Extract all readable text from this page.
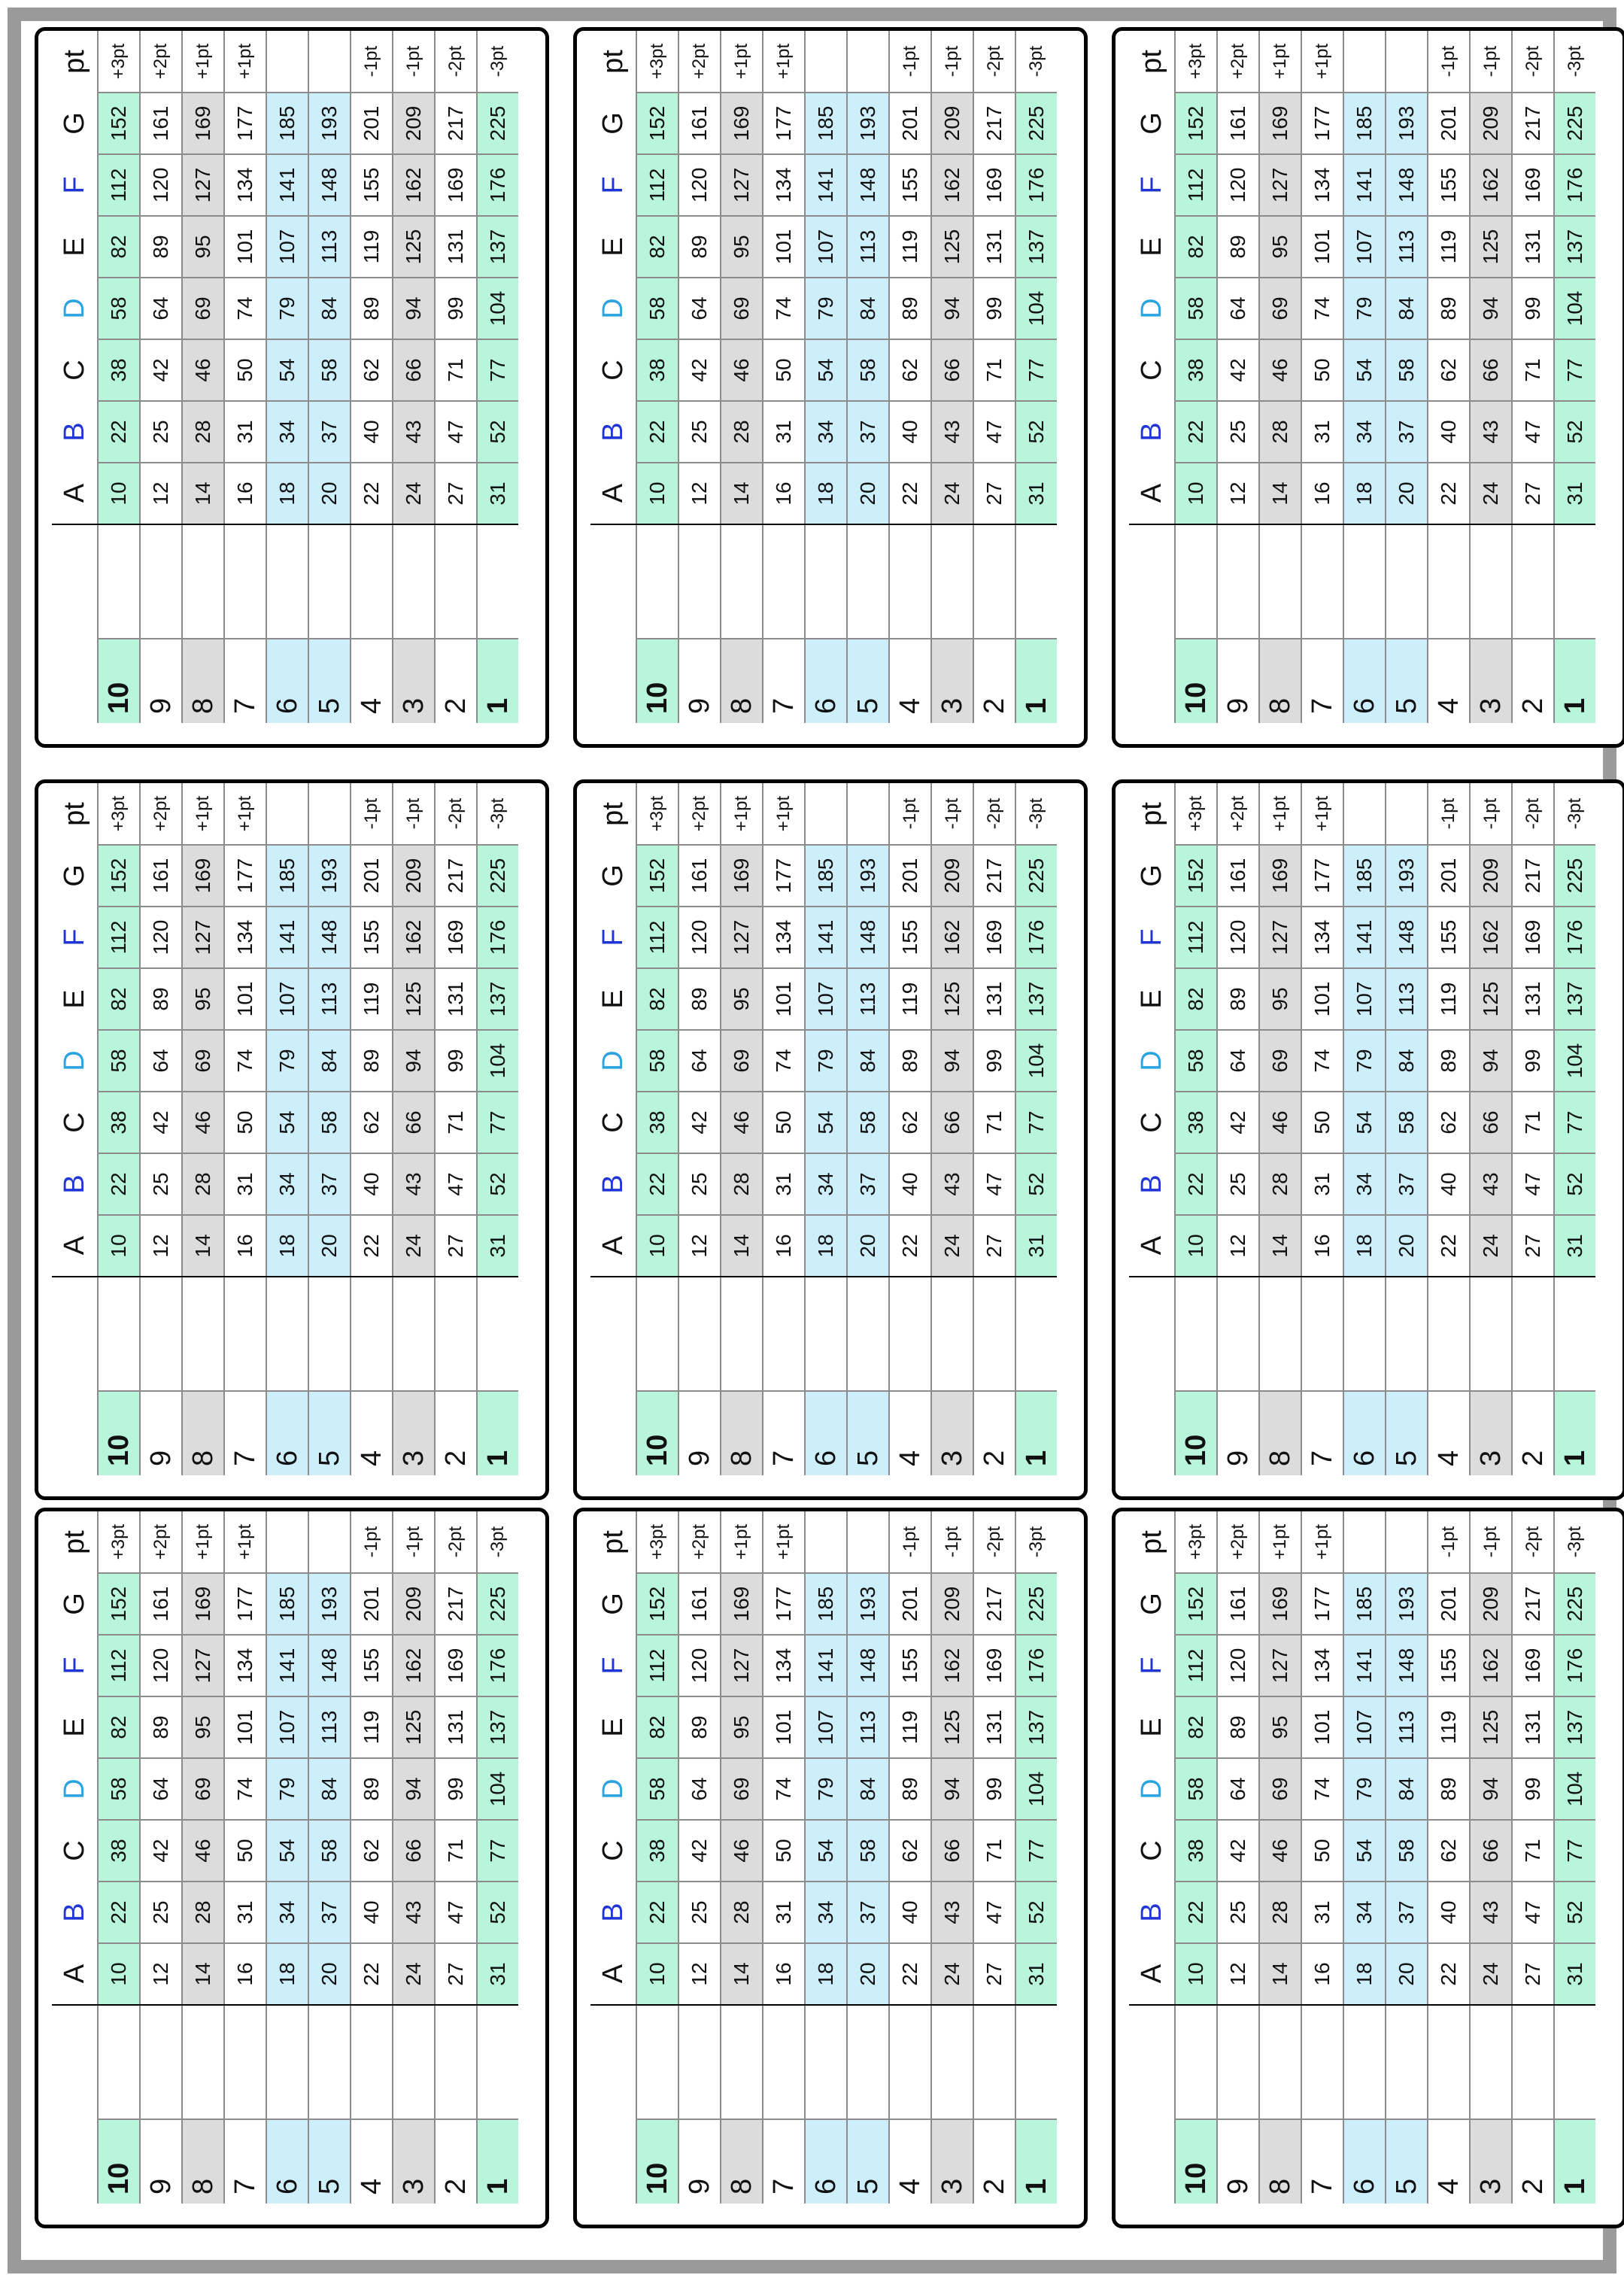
		A	B	C	D	E	F	G	pt
10		10	22	38	58	82	112	152	+3pt
9		12	25	42	64	89	120	161	+2pt
8		14	28	46	69	95	127	169	+1pt
7		16	31	50	74	101	134	177	+1pt
6		18	34	54	79	107	141	185	
5		20	37	58	84	113	148	193	
4		22	40	62	89	119	155	201	-1pt
3		24	43	66	94	125	162	209	-1pt
2		27	47	71	99	131	169	217	-2pt
1		31	52	77	104	137	176	225	-3pt
		A	B	C	D	E	F	G	pt
10		10	22	38	58	82	112	152	+3pt
9		12	25	42	64	89	120	161	+2pt
8		14	28	46	69	95	127	169	+1pt
7		16	31	50	74	101	134	177	+1pt
6		18	34	54	79	107	141	185	
5		20	37	58	84	113	148	193	
4		22	40	62	89	119	155	201	-1pt
3		24	43	66	94	125	162	209	-1pt
2		27	47	71	99	131	169	217	-2pt
1		31	52	77	104	137	176	225	-3pt
		A	B	C	D	E	F	G	pt
10		10	22	38	58	82	112	152	+3pt
9		12	25	42	64	89	120	161	+2pt
8		14	28	46	69	95	127	169	+1pt
7		16	31	50	74	101	134	177	+1pt
6		18	34	54	79	107	141	185	
5		20	37	58	84	113	148	193	
4		22	40	62	89	119	155	201	-1pt
3		24	43	66	94	125	162	209	-1pt
2		27	47	71	99	131	169	217	-2pt
1		31	52	77	104	137	176	225	-3pt
		A	B	C	D	E	F	G	pt
10		10	22	38	58	82	112	152	+3pt
9		12	25	42	64	89	120	161	+2pt
8		14	28	46	69	95	127	169	+1pt
7		16	31	50	74	101	134	177	+1pt
6		18	34	54	79	107	141	185	
5		20	37	58	84	113	148	193	
4		22	40	62	89	119	155	201	-1pt
3		24	43	66	94	125	162	209	-1pt
2		27	47	71	99	131	169	217	-2pt
1		31	52	77	104	137	176	225	-3pt
		A	B	C	D	E	F	G	pt
10		10	22	38	58	82	112	152	+3pt
9		12	25	42	64	89	120	161	+2pt
8		14	28	46	69	95	127	169	+1pt
7		16	31	50	74	101	134	177	+1pt
6		18	34	54	79	107	141	185	
5		20	37	58	84	113	148	193	
4		22	40	62	89	119	155	201	-1pt
3		24	43	66	94	125	162	209	-1pt
2		27	47	71	99	131	169	217	-2pt
1		31	52	77	104	137	176	225	-3pt
		A	B	C	D	E	F	G	pt
10		10	22	38	58	82	112	152	+3pt
9		12	25	42	64	89	120	161	+2pt
8		14	28	46	69	95	127	169	+1pt
7		16	31	50	74	101	134	177	+1pt
6		18	34	54	79	107	141	185	
5		20	37	58	84	113	148	193	
4		22	40	62	89	119	155	201	-1pt
3		24	43	66	94	125	162	209	-1pt
2		27	47	71	99	131	169	217	-2pt
1		31	52	77	104	137	176	225	-3pt
		A	B	C	D	E	F	G	pt
10		10	22	38	58	82	112	152	+3pt
9		12	25	42	64	89	120	161	+2pt
8		14	28	46	69	95	127	169	+1pt
7		16	31	50	74	101	134	177	+1pt
6		18	34	54	79	107	141	185	
5		20	37	58	84	113	148	193	
4		22	40	62	89	119	155	201	-1pt
3		24	43	66	94	125	162	209	-1pt
2		27	47	71	99	131	169	217	-2pt
1		31	52	77	104	137	176	225	-3pt
		A	B	C	D	E	F	G	pt
10		10	22	38	58	82	112	152	+3pt
9		12	25	42	64	89	120	161	+2pt
8		14	28	46	69	95	127	169	+1pt
7		16	31	50	74	101	134	177	+1pt
6		18	34	54	79	107	141	185	
5		20	37	58	84	113	148	193	
4		22	40	62	89	119	155	201	-1pt
3		24	43	66	94	125	162	209	-1pt
2		27	47	71	99	131	169	217	-2pt
1		31	52	77	104	137	176	225	-3pt
		A	B	C	D	E	F	G	pt
10		10	22	38	58	82	112	152	+3pt
9		12	25	42	64	89	120	161	+2pt
8		14	28	46	69	95	127	169	+1pt
7		16	31	50	74	101	134	177	+1pt
6		18	34	54	79	107	141	185	
5		20	37	58	84	113	148	193	
4		22	40	62	89	119	155	201	-1pt
3		24	43	66	94	125	162	209	-1pt
2		27	47	71	99	131	169	217	-2pt
1		31	52	77	104	137	176	225	-3pt
